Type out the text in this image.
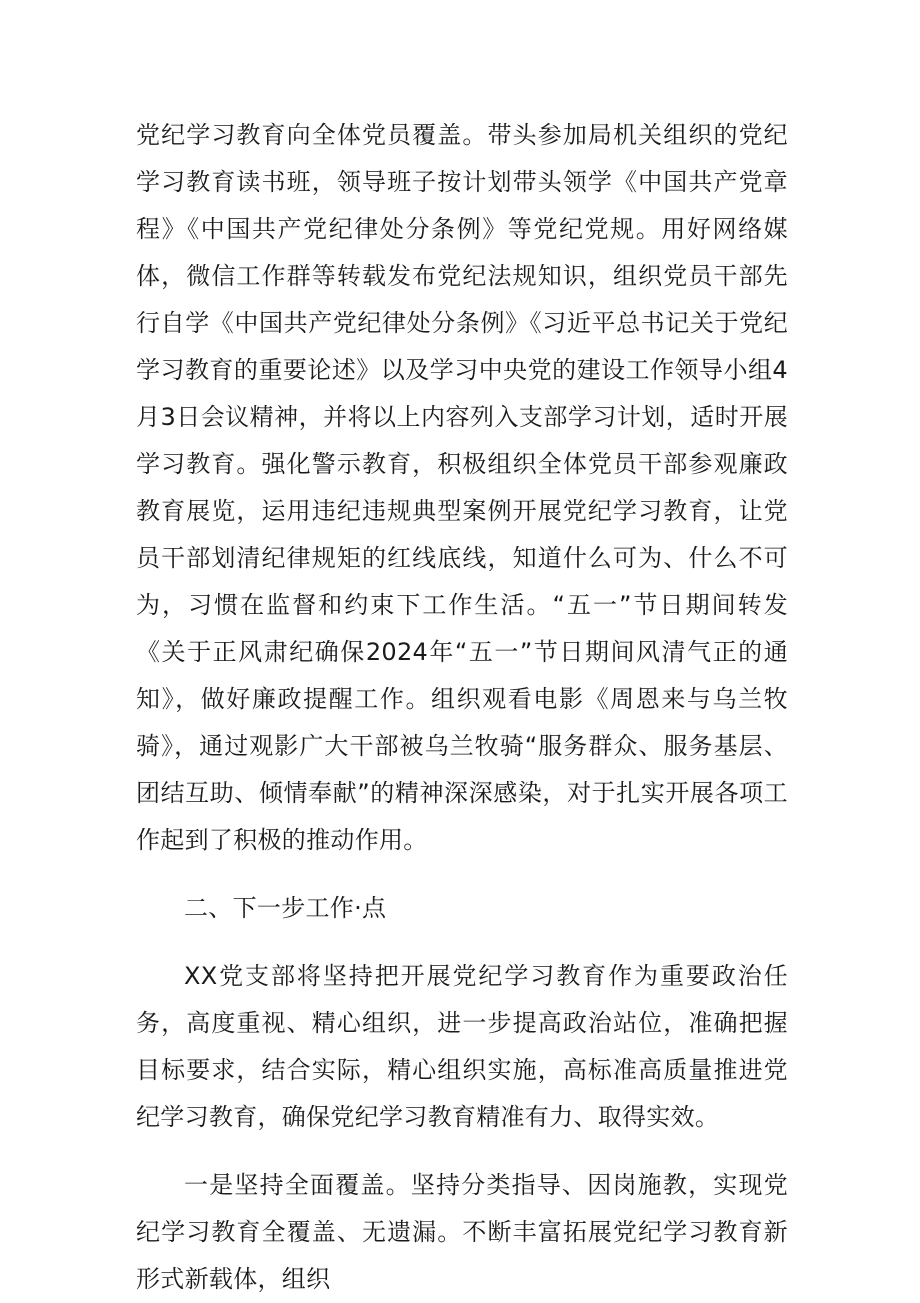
党纪学习教育向全体党员覆盖。带头参加局机关组织的党纪学习教育读书班，领导班子按计划带头领学《中国共产党章程》《中国共产党纪律处分条例》等党纪党规。用好网络媒体，微信工作群等转载发布党纪法规知识，组织党员干部先行自学《中国共产党纪律处分条例》《习近平总书记关于党纪学习教育的重要论述》以及学习中央党的建设工作领导小组4月3日会议精神，并将以上内容列入支部学习计划，适时开展学习教育。强化警示教育，积极组织全体党员干部参观廉政教育展览，运用违纪违规典型案例开展党纪学习教育，让党员干部划清纪律规矩的红线底线，知道什么可为、什么不可为，习惯在监督和约束下工作生活。“五一”节日期间转发《关于正风肃纪确保2024年“五一”节日期间风清气正的通知》，做好廉政提醒工作。组织观看电影《周恩来与乌兰牧骑》，通过观影广大干部被乌兰牧骑“服务群众、服务基层、团结互助、倾情奉献”的精神深深感染，对于扎实开展各项工作起到了积极的推动作用。

二、下一步工作·点

XX党支部将坚持把开展党纪学习教育作为重要政治任务，高度重视、精心组织，进一步提高政治站位，准确把握目标要求，结合实际，精心组织实施，高标准高质量推进党纪学习教育，确保党纪学习教育精准有力、取得实效。

一是坚持全面覆盖。坚持分类指导、因岗施教，实现党纪学习教育全覆盖、无遗漏。不断丰富拓展党纪学习教育新形式新载体，组织
